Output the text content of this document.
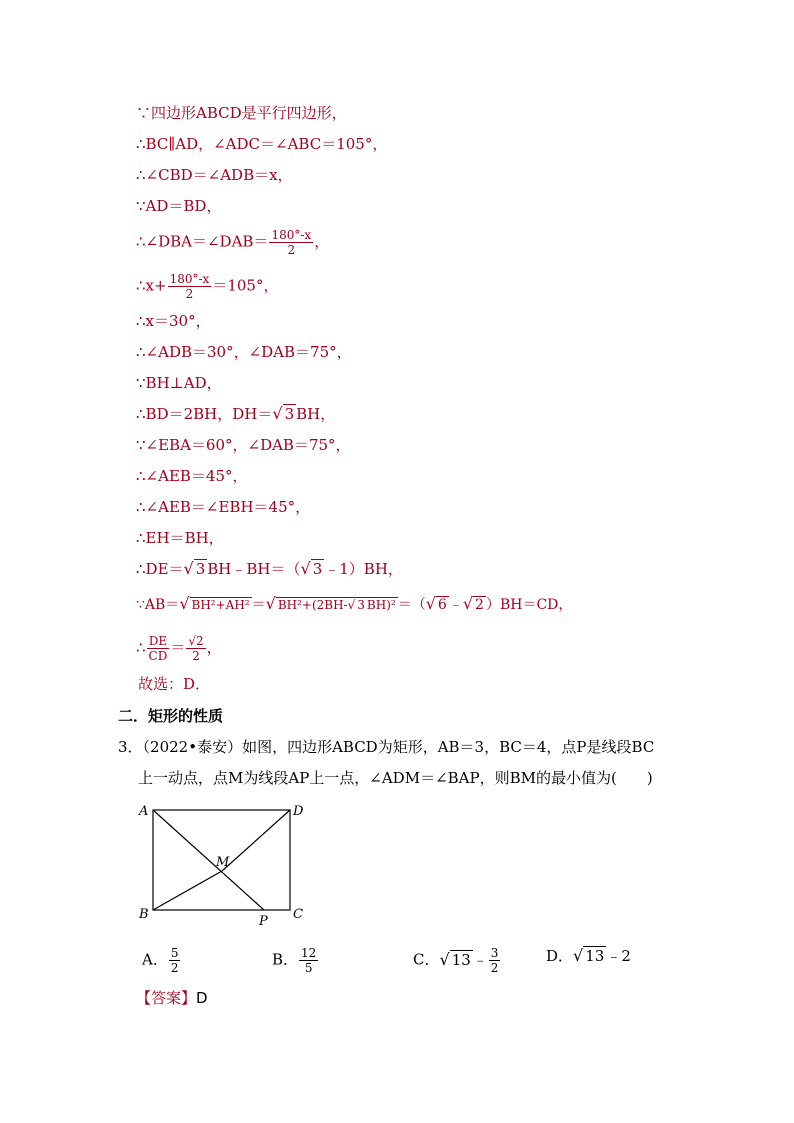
∵四边形ABCD是平行四边形，
∴BC∥AD，∠ADC＝∠ABC＝105°，
∴∠CBD＝∠ADB＝x，
∵AD＝BD，
∴∠DBA＝∠DAB＝ $\frac{180^\circ-x}{2}$ ，
∴x+ $\frac{180^\circ-x}{2} =105^\circ$，
∴x＝30°，
∴∠ADB＝30°，∠DAB＝75°，
∵BH⊥AD，
∴BD＝2BH，DH＝√ 3 BH，
∵∠EBA＝60°，∠DAB＝75°，
∴∠AEB＝45°，
∴∠AEB＝∠EBH＝45°，
∴EH＝BH，
∴DE＝√ 3 BH﹣BH＝（√ 3 ﹣1）BH，
∵AB＝√ BH²+AH² ＝√ BH²+(2BH-√ 3 BH)² ＝（√ 6 ﹣√ 2 ）BH＝CD，
∴ $\frac{DE}{CD} = \frac{√2}{2}$ ，
故选：D．
二．矩形的性质
3．（2022•泰安）如图，四边形ABCD为矩形，AB＝3，BC＝4，点P是线段BC
上一动点，点M为线段AP上一点，∠ADM＝∠BAP，则BM的最小值为(　　)
A	D
B	C
M
P
A． $\frac{5}{2}$	B． $\frac{12}{5}$	C．√ 13 ﹣ $\frac{3}{2}$	D．√ 13 ﹣2
【答案】D
